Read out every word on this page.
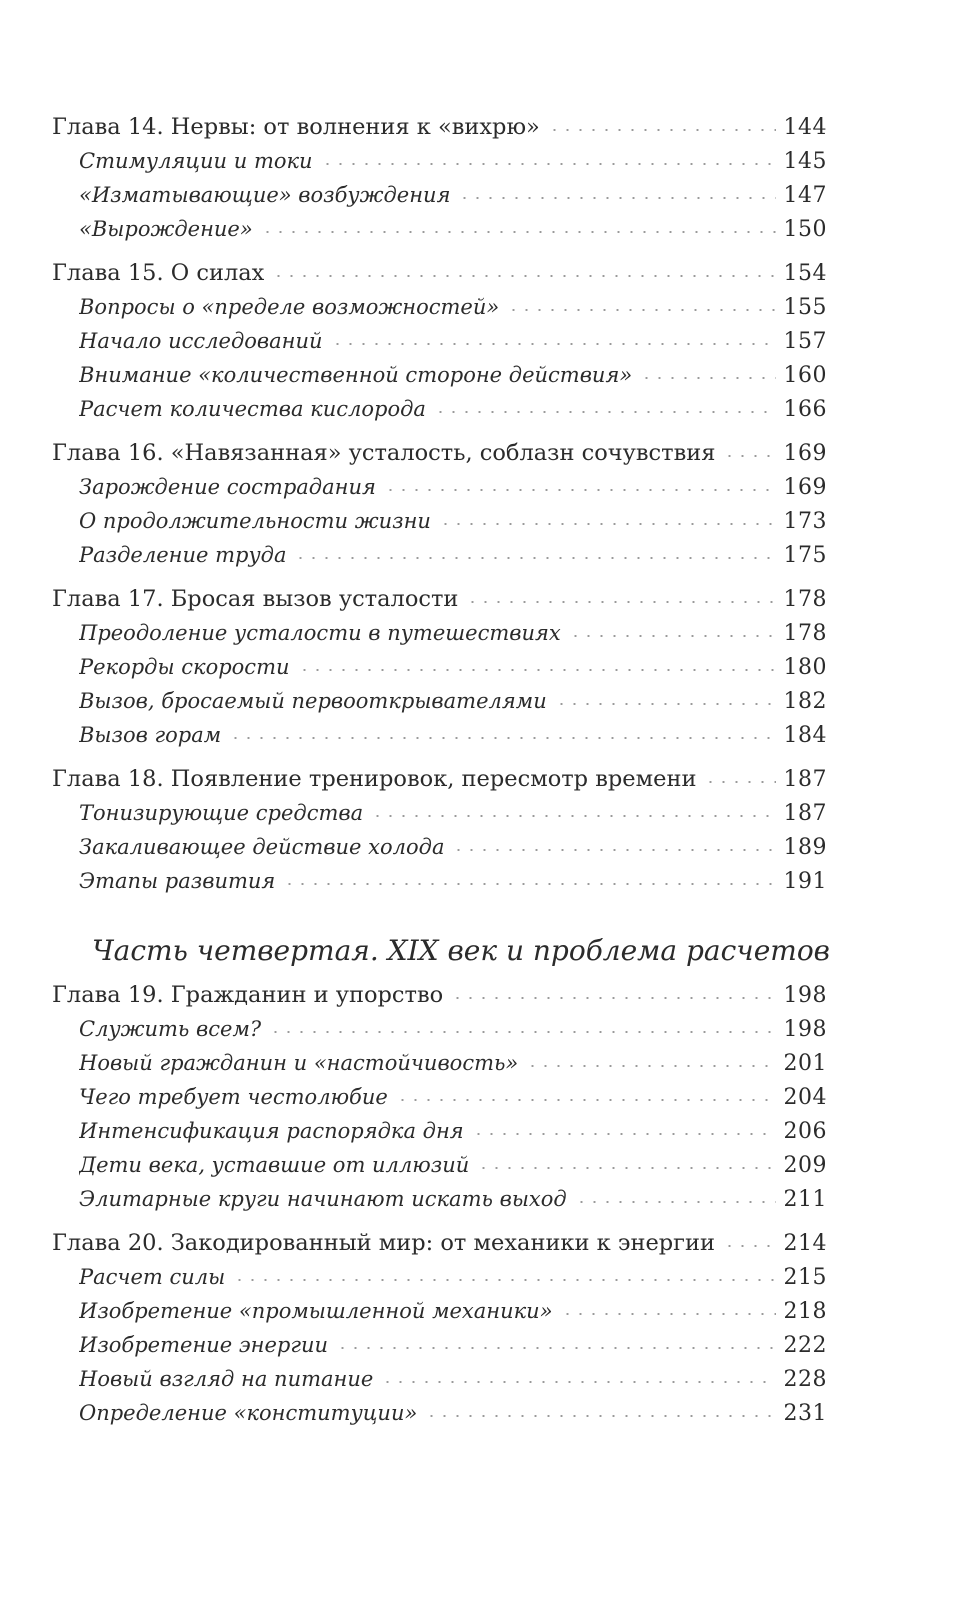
Глава 14. Нервы: от волнения к «вихрю»	144
Стимуляции и токи	145
«Изматывающие» возбуждения	147
«Вырождение»	150
Глава 15. О силах	154
Вопросы о «пределе возможностей»	155
Начало исследований	157
Внимание «количественной стороне действия»	160
Расчет количества кислорода	166
Глава 16. «Навязанная» усталость, соблазн сочувствия	169
Зарождение сострадания	169
О продолжительности жизни	173
Разделение труда	175
Глава 17. Бросая вызов усталости	178
Преодоление усталости в путешествиях	178
Рекорды скорости	180
Вызов, бросаемый первооткрывателями	182
Вызов горам	184
Глава 18. Появление тренировок, пересмотр времени	187
Тонизирующие средства	187
Закаливающее действие холода	189
Этапы развития	191
Часть четвертая. XIX век и проблема расчетов
Глава 19. Гражданин и упорство	198
Служить всем?	198
Новый гражданин и «настойчивость»	201
Чего требует честолюбие	204
Интенсификация распорядка дня	206
Дети века, уставшие от иллюзий	209
Элитарные круги начинают искать выход	211
Глава 20. Закодированный мир: от механики к энергии	214
Расчет силы	215
Изобретение «промышленной механики»	218
Изобретение энергии	222
Новый взгляд на питание	228
Определение «конституции»	231
